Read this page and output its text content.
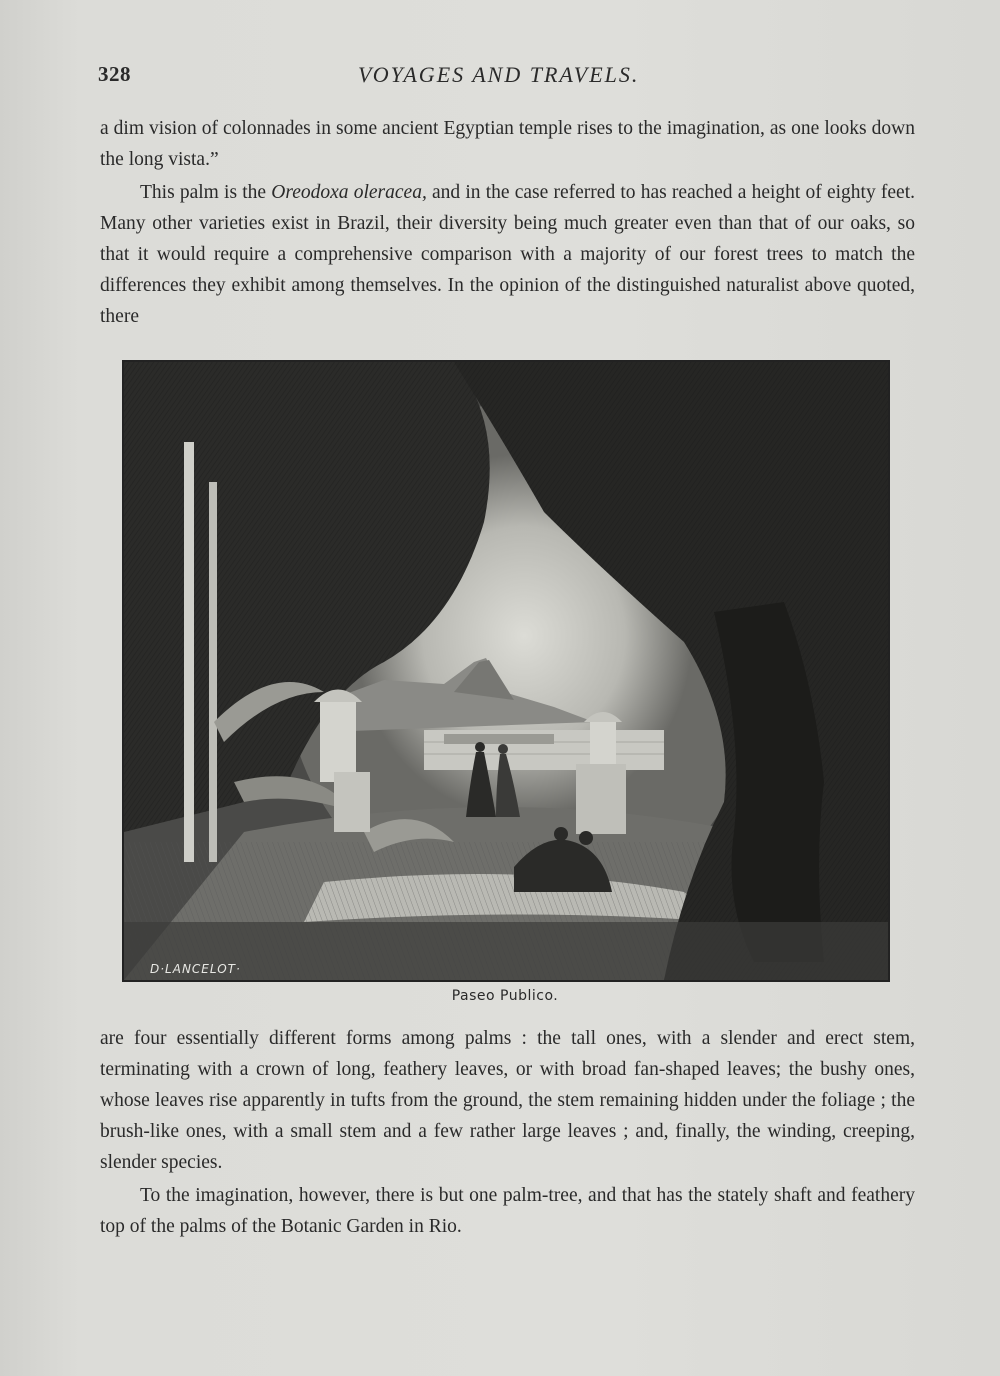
328	VOYAGES AND TRAVELS.

a dim vision of colonnades in some ancient Egyptian temple rises to the imagination, as one looks down the long vista.”

This palm is the Oreodoxa oleracea, and in the case referred to has reached a height of eighty feet. Many other varieties exist in Brazil, their diversity being much greater even than that of our oaks, so that it would require a comprehensive comparison with a majority of our forest trees to match the differences they exhibit among themselves. In the opinion of the distinguished naturalist above quoted, there

D·LANCELOT·
Paseo Publico.

are four essentially different forms among palms : the tall ones, with a slender and erect stem, terminating with a crown of long, feathery leaves, or with broad fan-shaped leaves; the bushy ones, whose leaves rise apparently in tufts from the ground, the stem remaining hidden under the foliage ; the brush-like ones, with a small stem and a few rather large leaves ; and, finally, the winding, creeping, slender species.

To the imagination, however, there is but one palm-tree, and that has the stately shaft and feathery top of the palms of the Botanic Garden in Rio.
